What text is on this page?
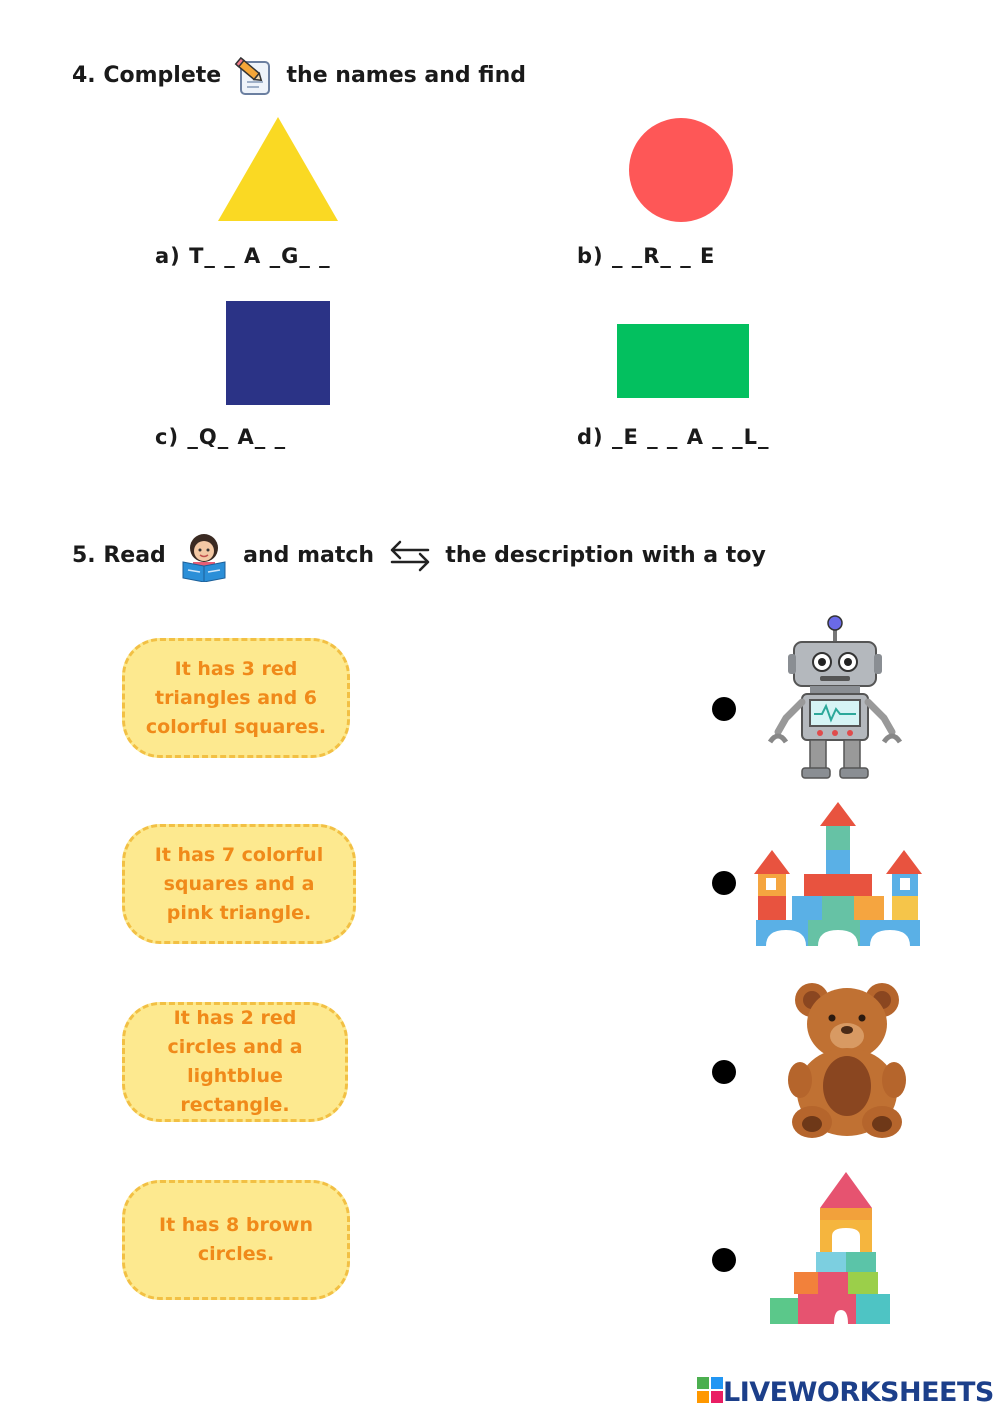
4. Complete	the names and find
a) T_ _ A _G_ _	b) _ _R_ _ E
c) _Q_ A_ _	d) _E _ _ A _ _L_
5. Read	and match	the description with a toy
It has 3 red triangles and 6 colorful squares.
It has 7 colorful squares and a pink triangle.
It has 2 red circles and a lightblue rectangle.
It has 8 brown circles.
LIVEWORKSHEETS
